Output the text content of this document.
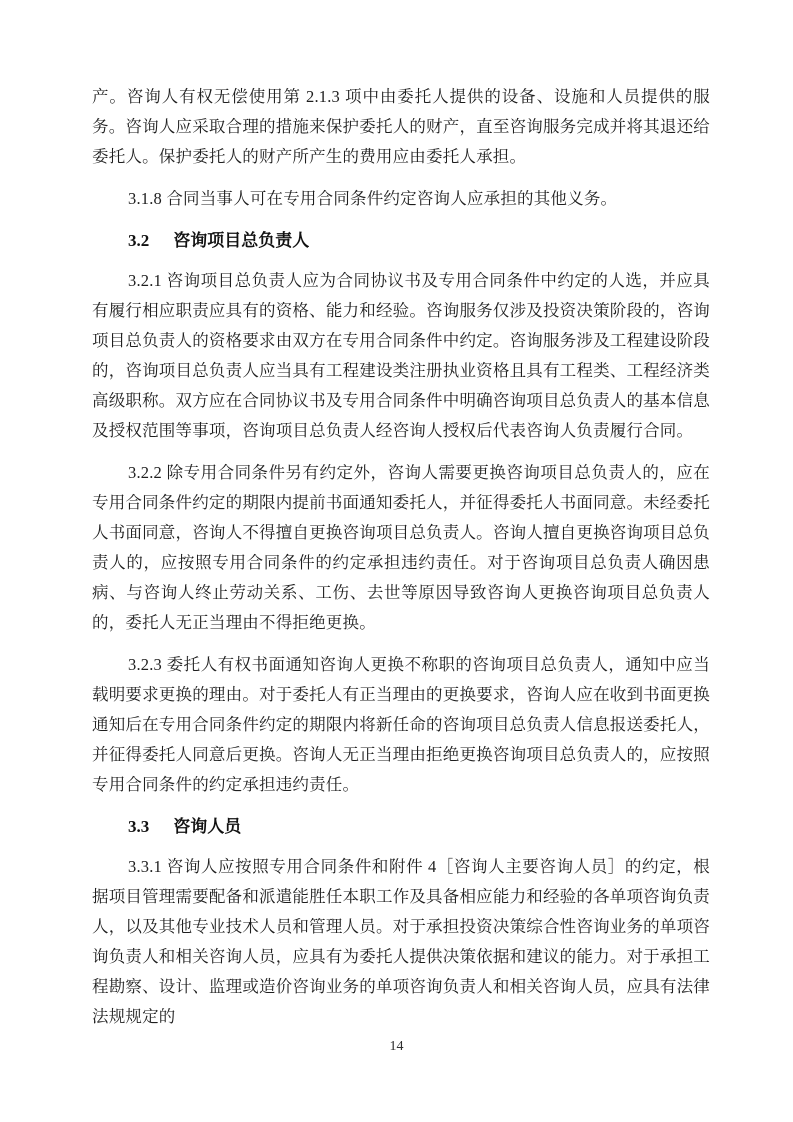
产。咨询人有权无偿使用第 2.1.3 项中由委托人提供的设备、设施和人员提供的服务。咨询人应采取合理的措施来保护委托人的财产，直至咨询服务完成并将其退还给委托人。保护委托人的财产所产生的费用应由委托人承担。

3.1.8 合同当事人可在专用合同条件约定咨询人应承担的其他义务。

3.2 咨询项目总负责人

3.2.1 咨询项目总负责人应为合同协议书及专用合同条件中约定的人选，并应具有履行相应职责应具有的资格、能力和经验。咨询服务仅涉及投资决策阶段的，咨询项目总负责人的资格要求由双方在专用合同条件中约定。咨询服务涉及工程建设阶段的，咨询项目总负责人应当具有工程建设类注册执业资格且具有工程类、工程经济类高级职称。双方应在合同协议书及专用合同条件中明确咨询项目总负责人的基本信息及授权范围等事项，咨询项目总负责人经咨询人授权后代表咨询人负责履行合同。

3.2.2 除专用合同条件另有约定外，咨询人需要更换咨询项目总负责人的，应在专用合同条件约定的期限内提前书面通知委托人，并征得委托人书面同意。未经委托人书面同意，咨询人不得擅自更换咨询项目总负责人。咨询人擅自更换咨询项目总负责人的，应按照专用合同条件的约定承担违约责任。对于咨询项目总负责人确因患病、与咨询人终止劳动关系、工伤、去世等原因导致咨询人更换咨询项目总负责人的，委托人无正当理由不得拒绝更换。

3.2.3 委托人有权书面通知咨询人更换不称职的咨询项目总负责人，通知中应当载明要求更换的理由。对于委托人有正当理由的更换要求，咨询人应在收到书面更换通知后在专用合同条件约定的期限内将新任命的咨询项目总负责人信息报送委托人，并征得委托人同意后更换。咨询人无正当理由拒绝更换咨询项目总负责人的，应按照专用合同条件的约定承担违约责任。

3.3 咨询人员

3.3.1 咨询人应按照专用合同条件和附件 4［咨询人主要咨询人员］的约定，根据项目管理需要配备和派遣能胜任本职工作及具备相应能力和经验的各单项咨询负责人，以及其他专业技术人员和管理人员。对于承担投资决策综合性咨询业务的单项咨询负责人和相关咨询人员，应具有为委托人提供决策依据和建议的能力。对于承担工程勘察、设计、监理或造价咨询业务的单项咨询负责人和相关咨询人员，应具有法律法规规定的

14
